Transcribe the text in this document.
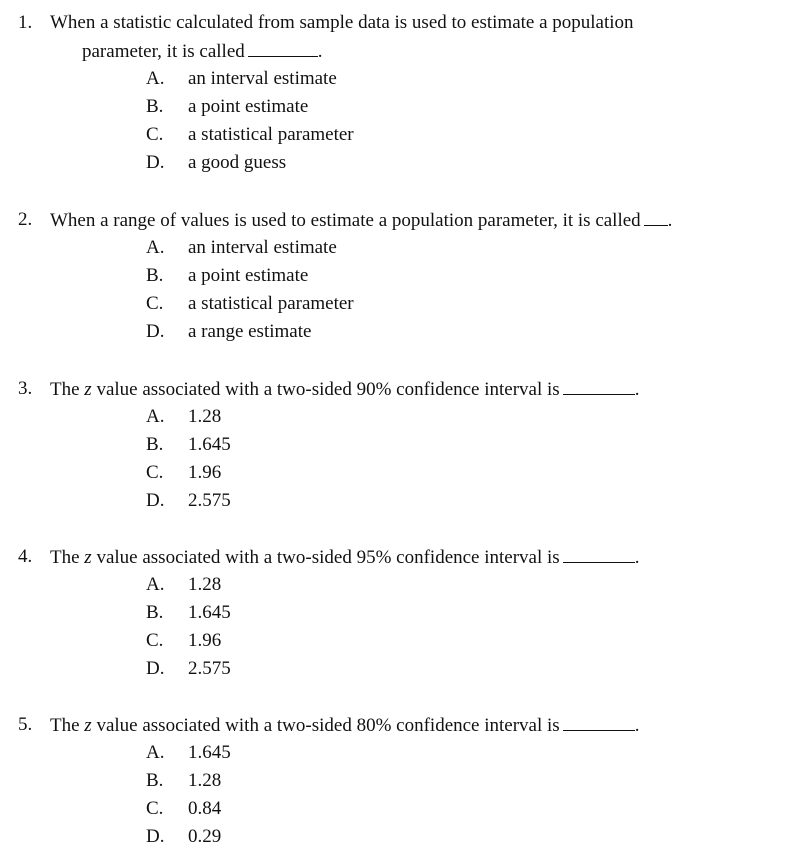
1. When a statistic calculated from sample data is used to estimate a population
parameter, it is called	.
A. an interval estimate
B. a point estimate
C. a statistical parameter
D. a good guess
2. When a range of values is used to estimate a population parameter, it is called .
A. an interval estimate
B. a point estimate
C. a statistical parameter
D. a range estimate
3. The z value associated with a two-sided 90% confidence interval is	.
A. 1.28
B. 1.645
C. 1.96
D. 2.575
4. The z value associated with a two-sided 95% confidence interval is	.
A. 1.28
B. 1.645
C. 1.96
D. 2.575
5. The z value associated with a two-sided 80% confidence interval is	.
A. 1.645
B. 1.28
C. 0.84
D. 0.29
